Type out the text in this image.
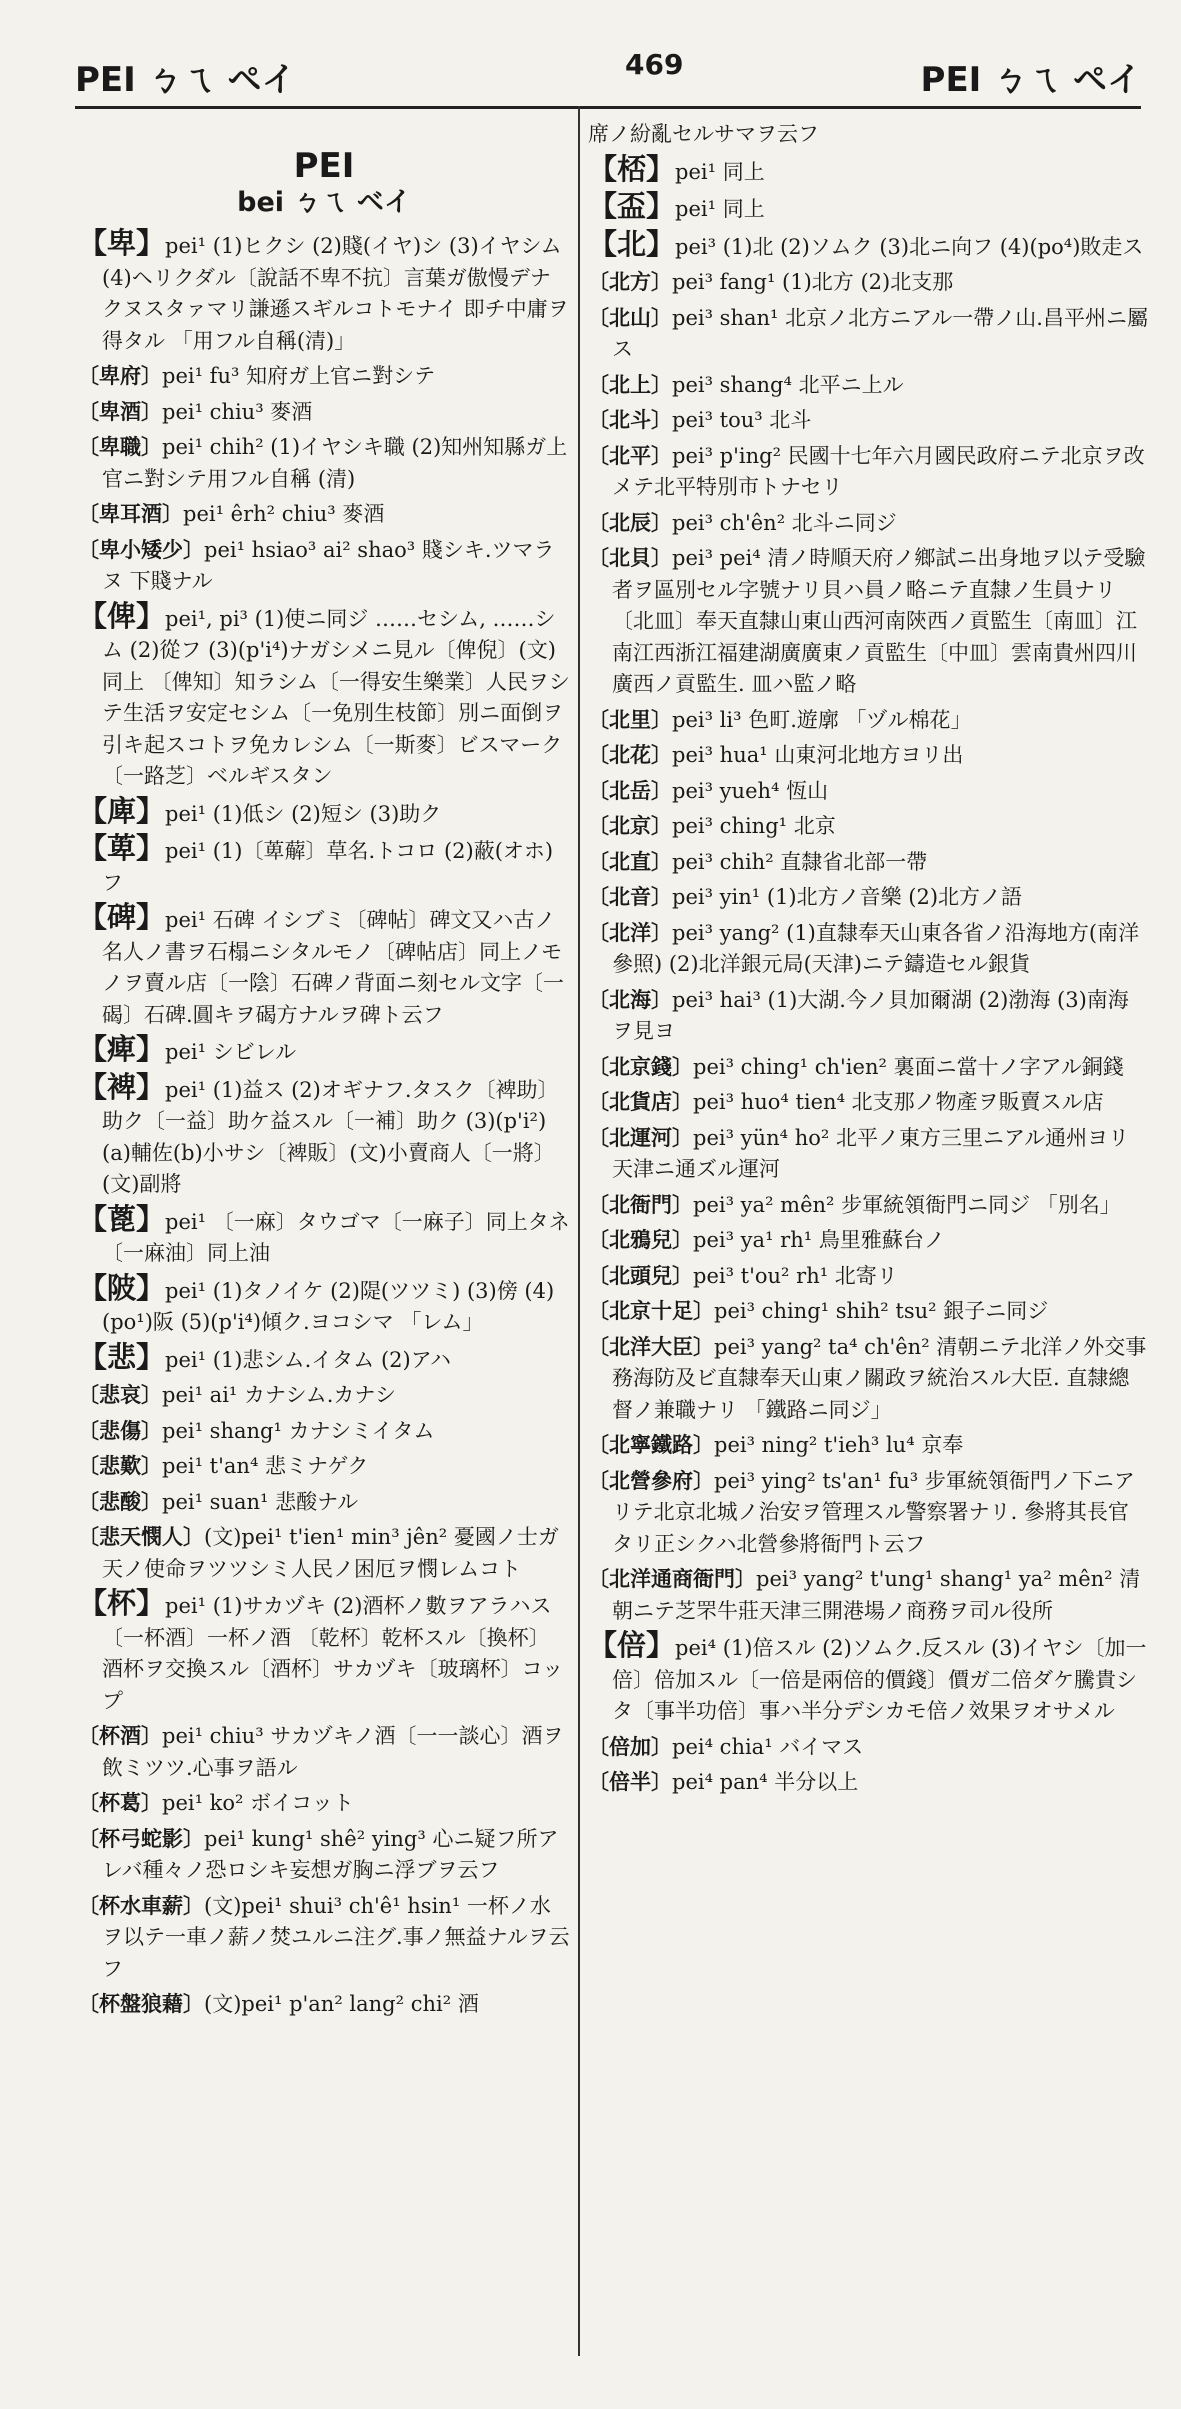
PEI ㄅㄟ ペイ	469	PEI ㄅㄟ ペイ
PEI
bei ㄅㄟ ベイ

【卑】pei¹ (1)ヒクシ (2)賤(イヤ)シ (3)イヤシム (4)ヘリクダル〔說話不卑不抗〕言葉ガ傲慢デナクヌスタァマリ謙遜スギルコトモナイ 即チ中庸ヲ得タル 「用フル自稱(清)」

〔卑府〕pei¹ fu³ 知府ガ上官ニ對シテ

〔卑酒〕pei¹ chiu³ 麥酒

〔卑職〕pei¹ chih² (1)イヤシキ職 (2)知州知縣ガ上官ニ對シテ用フル自稱 (清)

〔卑耳酒〕pei¹ êrh² chiu³ 麥酒

〔卑小矮少〕pei¹ hsiao³ ai² shao³ 賤シキ.ツマラヌ 下賤ナル

【俾】pei¹, pi³ (1)使ニ同ジ ……セシム, ……シム (2)從フ (3)(p'i⁴)ナガシメニ見ル〔俾倪〕(文)同上 〔俾知〕知ラシム〔一得安生樂業〕人民ヲシテ生活ヲ安定セシム〔一免別生枝節〕別ニ面倒ヲ引キ起スコトヲ免カレシム〔一斯麥〕ビスマーク〔一路芝〕ベルギスタン

【庳】pei¹ (1)低シ (2)短シ (3)助ク

【萆】pei¹ (1)〔萆薢〕草名.トコロ (2)蔽(オホ)フ

【碑】pei¹ 石碑 イシブミ〔碑帖〕碑文又ハ古ノ名人ノ書ヲ石榻ニシタルモノ〔碑帖店〕同上ノモノヲ賣ル店〔一陰〕石碑ノ背面ニ刻セル文字〔一碣〕石碑.圓キヲ碣方ナルヲ碑ト云フ

【痺】pei¹ シビレル

【裨】pei¹ (1)益ス (2)オギナフ.タスク〔裨助〕助ク〔一益〕助ケ益スル〔一補〕助ク (3)(p'i²)(a)輔佐(b)小サシ〔裨販〕(文)小賣商人〔一將〕(文)副將

【蓖】pei¹ 〔一麻〕タウゴマ〔一麻子〕同上タネ〔一麻油〕同上油

【陂】pei¹ (1)タノイケ (2)隄(ツツミ) (3)傍 (4)(po¹)阪 (5)(p'i⁴)傾ク.ヨコシマ 「レム」

【悲】pei¹ (1)悲シム.イタム (2)アハ

〔悲哀〕pei¹ ai¹ カナシム.カナシ

〔悲傷〕pei¹ shang¹ カナシミイタム

〔悲歎〕pei¹ t'an⁴ 悲ミナゲク

〔悲酸〕pei¹ suan¹ 悲酸ナル

〔悲天憫人〕(文)pei¹ t'ien¹ min³ jên² 憂國ノ士ガ天ノ使命ヲツツシミ人民ノ困厄ヲ憫レムコト

【杯】pei¹ (1)サカヅキ (2)酒杯ノ數ヲアラハス〔一杯酒〕一杯ノ酒 〔乾杯〕乾杯スル〔換杯〕酒杯ヲ交換スル〔酒杯〕サカヅキ〔玻璃杯〕コップ

〔杯酒〕pei¹ chiu³ サカヅキノ酒〔一一談心〕酒ヲ飲ミツツ.心事ヲ語ル

〔杯葛〕pei¹ ko² ボイコット

〔杯弓蛇影〕pei¹ kung¹ shê² ying³ 心ニ疑フ所アレバ種々ノ恐ロシキ妄想ガ胸ニ浮ブヲ云フ

〔杯水車薪〕(文)pei¹ shui³ ch'ê¹ hsin¹ 一杯ノ水ヲ以テ一車ノ薪ノ焚ユルニ注グ.事ノ無益ナルヲ云フ

〔杯盤狼藉〕(文)pei¹ p'an² lang² chi² 酒

席ノ紛亂セルサマヲ云フ

【桮】pei¹ 同上

【盃】pei¹ 同上

【北】pei³ (1)北 (2)ソムク (3)北ニ向フ (4)(po⁴)敗走ス

〔北方〕pei³ fang¹ (1)北方 (2)北支那

〔北山〕pei³ shan¹ 北京ノ北方ニアル一帶ノ山.昌平州ニ屬ス

〔北上〕pei³ shang⁴ 北平ニ上ル

〔北斗〕pei³ tou³ 北斗

〔北平〕pei³ p'ing² 民國十七年六月國民政府ニテ北京ヲ改メテ北平特別市トナセリ

〔北辰〕pei³ ch'ên² 北斗ニ同ジ

〔北貝〕pei³ pei⁴ 清ノ時順天府ノ鄉試ニ出身地ヲ以テ受驗者ヲ區別セル字號ナリ貝ハ員ノ略ニテ直隸ノ生員ナリ〔北皿〕奉天直隸山東山西河南陝西ノ貢監生〔南皿〕江南江西浙江福建湖廣廣東ノ貢監生〔中皿〕雲南貴州四川廣西ノ貢監生. 皿ハ監ノ略

〔北里〕pei³ li³ 色町.遊廓 「ヅル棉花」

〔北花〕pei³ hua¹ 山東河北地方ヨリ出

〔北岳〕pei³ yueh⁴ 恆山

〔北京〕pei³ ching¹ 北京

〔北直〕pei³ chih² 直隸省北部一帶

〔北音〕pei³ yin¹ (1)北方ノ音樂 (2)北方ノ語

〔北洋〕pei³ yang² (1)直隸奉天山東各省ノ沿海地方(南洋參照) (2)北洋銀元局(天津)ニテ鑄造セル銀貨

〔北海〕pei³ hai³ (1)大湖.今ノ貝加爾湖 (2)渤海 (3)南海ヲ見ヨ

〔北京錢〕pei³ ching¹ ch'ien² 裏面ニ當十ノ字アル銅錢

〔北貨店〕pei³ huo⁴ tien⁴ 北支那ノ物產ヲ販賣スル店

〔北運河〕pei³ yün⁴ ho² 北平ノ東方三里ニアル通州ヨリ天津ニ通ズル運河

〔北衙門〕pei³ ya² mên² 步軍統領衙門ニ同ジ 「別名」

〔北鴉兒〕pei³ ya¹ rh¹ 鳥里雅蘇台ノ

〔北頭兒〕pei³ t'ou² rh¹ 北寄リ

〔北京十足〕pei³ ching¹ shih² tsu² 銀子ニ同ジ

〔北洋大臣〕pei³ yang² ta⁴ ch'ên² 清朝ニテ北洋ノ外交事務海防及ビ直隸奉天山東ノ關政ヲ統治スル大臣. 直隸總督ノ兼職ナリ 「鐵路ニ同ジ」

〔北寧鐵路〕pei³ ning² t'ieh³ lu⁴ 京奉

〔北營參府〕pei³ ying² ts'an¹ fu³ 步軍統領衙門ノ下ニアリテ北京北城ノ治安ヲ管理スル警察署ナリ. 參將其長官タリ正シクハ北營參將衙門ト云フ

〔北洋通商衙門〕pei³ yang² t'ung¹ shang¹ ya² mên² 清朝ニテ芝罘牛莊天津三開港場ノ商務ヲ司ル役所

【倍】pei⁴ (1)倍スル (2)ソムク.反スル (3)イヤシ〔加一倍〕倍加スル〔一倍是兩倍的價錢〕價ガ二倍ダケ騰貴シタ〔事半功倍〕事ハ半分デシカモ倍ノ效果ヲオサメル

〔倍加〕pei⁴ chia¹ バイマス

〔倍半〕pei⁴ pan⁴ 半分以上
